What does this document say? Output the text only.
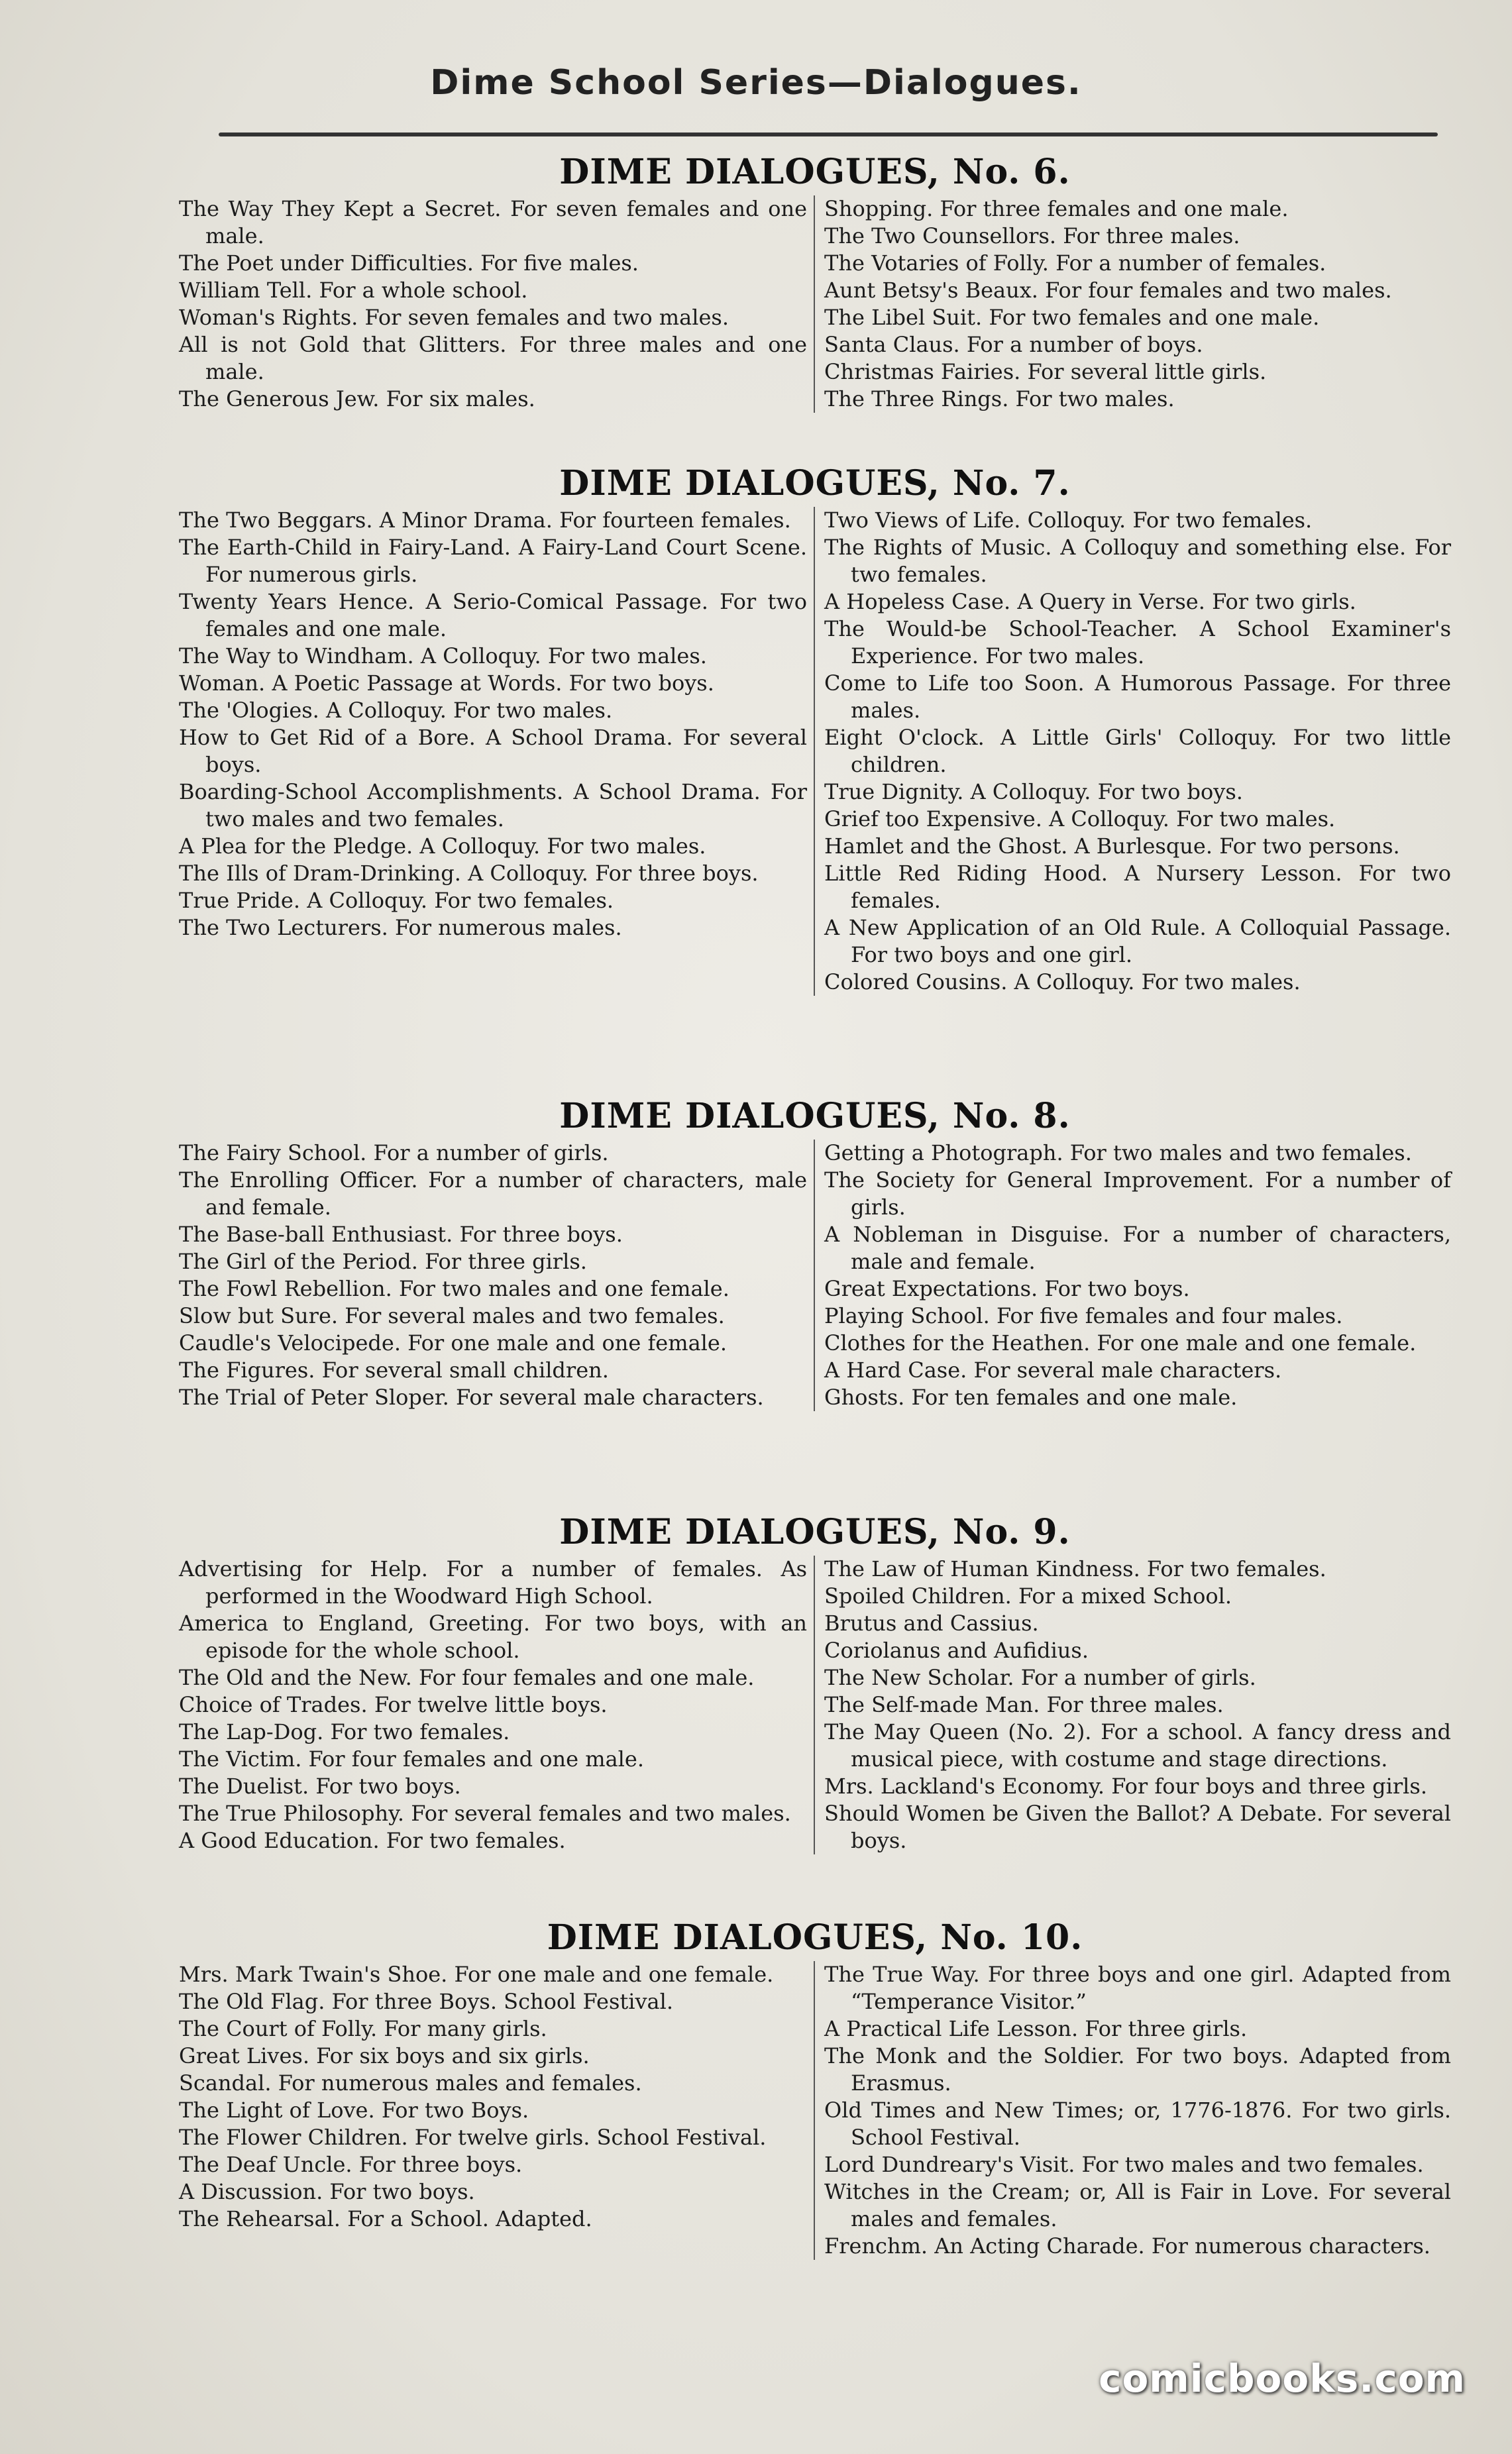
Dime School Series—Dialogues.
DIME DIALOGUES, No. 6.
The Way They Kept a Secret. For seven females and one male.
The Poet under Difficulties. For five males.
William Tell. For a whole school.
Woman's Rights. For seven females and two males.
All is not Gold that Glitters. For three males and one male.
The Generous Jew. For six males.
Shopping. For three females and one male.
The Two Counsellors. For three males.
The Votaries of Folly. For a number of females.
Aunt Betsy's Beaux. For four females and two males.
The Libel Suit. For two females and one male.
Santa Claus. For a number of boys.
Christmas Fairies. For several little girls.
The Three Rings. For two males.
DIME DIALOGUES, No. 7.
The Two Beggars. A Minor Drama. For fourteen females.
The Earth-Child in Fairy-Land. A Fairy-Land Court Scene. For numerous girls.
Twenty Years Hence. A Serio-Comical Passage. For two females and one male.
The Way to Windham. A Colloquy. For two males.
Woman. A Poetic Passage at Words. For two boys.
The 'Ologies. A Colloquy. For two males.
How to Get Rid of a Bore. A School Drama. For several boys.
Boarding-School Accomplishments. A School Drama. For two males and two females.
A Plea for the Pledge. A Colloquy. For two males.
The Ills of Dram-Drinking. A Colloquy. For three boys.
True Pride. A Colloquy. For two females.
The Two Lecturers. For numerous males.
Two Views of Life. Colloquy. For two females.
The Rights of Music. A Colloquy and something else. For two females.
A Hopeless Case. A Query in Verse. For two girls.
The Would-be School-Teacher. A School Examiner's Experience. For two males.
Come to Life too Soon. A Humorous Passage. For three males.
Eight O'clock. A Little Girls' Colloquy. For two little children.
True Dignity. A Colloquy. For two boys.
Grief too Expensive. A Colloquy. For two males.
Hamlet and the Ghost. A Burlesque. For two persons.
Little Red Riding Hood. A Nursery Lesson. For two females.
A New Application of an Old Rule. A Colloquial Passage. For two boys and one girl.
Colored Cousins. A Colloquy. For two males.
DIME DIALOGUES, No. 8.
The Fairy School. For a number of girls.
The Enrolling Officer. For a number of characters, male and female.
The Base-ball Enthusiast. For three boys.
The Girl of the Period. For three girls.
The Fowl Rebellion. For two males and one female.
Slow but Sure. For several males and two females.
Caudle's Velocipede. For one male and one female.
The Figures. For several small children.
The Trial of Peter Sloper. For several male characters.
Getting a Photograph. For two males and two females.
The Society for General Improvement. For a number of girls.
A Nobleman in Disguise. For a number of characters, male and female.
Great Expectations. For two boys.
Playing School. For five females and four males.
Clothes for the Heathen. For one male and one female.
A Hard Case. For several male characters.
Ghosts. For ten females and one male.
DIME DIALOGUES, No. 9.
Advertising for Help. For a number of females. As performed in the Woodward High School.
America to England, Greeting. For two boys, with an episode for the whole school.
The Old and the New. For four females and one male.
Choice of Trades. For twelve little boys.
The Lap-Dog. For two females.
The Victim. For four females and one male.
The Duelist. For two boys.
The True Philosophy. For several females and two males.
A Good Education. For two females.
The Law of Human Kindness. For two females.
Spoiled Children. For a mixed School.
Brutus and Cassius.
Coriolanus and Aufidius.
The New Scholar. For a number of girls.
The Self-made Man. For three males.
The May Queen (No. 2). For a school. A fancy dress and musical piece, with costume and stage directions.
Mrs. Lackland's Economy. For four boys and three girls.
Should Women be Given the Ballot? A Debate. For several boys.
DIME DIALOGUES, No. 10.
Mrs. Mark Twain's Shoe. For one male and one female.
The Old Flag. For three Boys. School Festival.
The Court of Folly. For many girls.
Great Lives. For six boys and six girls.
Scandal. For numerous males and females.
The Light of Love. For two Boys.
The Flower Children. For twelve girls. School Festival.
The Deaf Uncle. For three boys.
A Discussion. For two boys.
The Rehearsal. For a School. Adapted.
The True Way. For three boys and one girl. Adapted from “Temperance Visitor.”
A Practical Life Lesson. For three girls.
The Monk and the Soldier. For two boys. Adapted from Erasmus.
Old Times and New Times; or, 1776-1876. For two girls. School Festival.
Lord Dundreary's Visit. For two males and two females.
Witches in the Cream; or, All is Fair in Love. For several males and females.
Frenchm. An Acting Charade. For numerous characters.
comicbooks.com
